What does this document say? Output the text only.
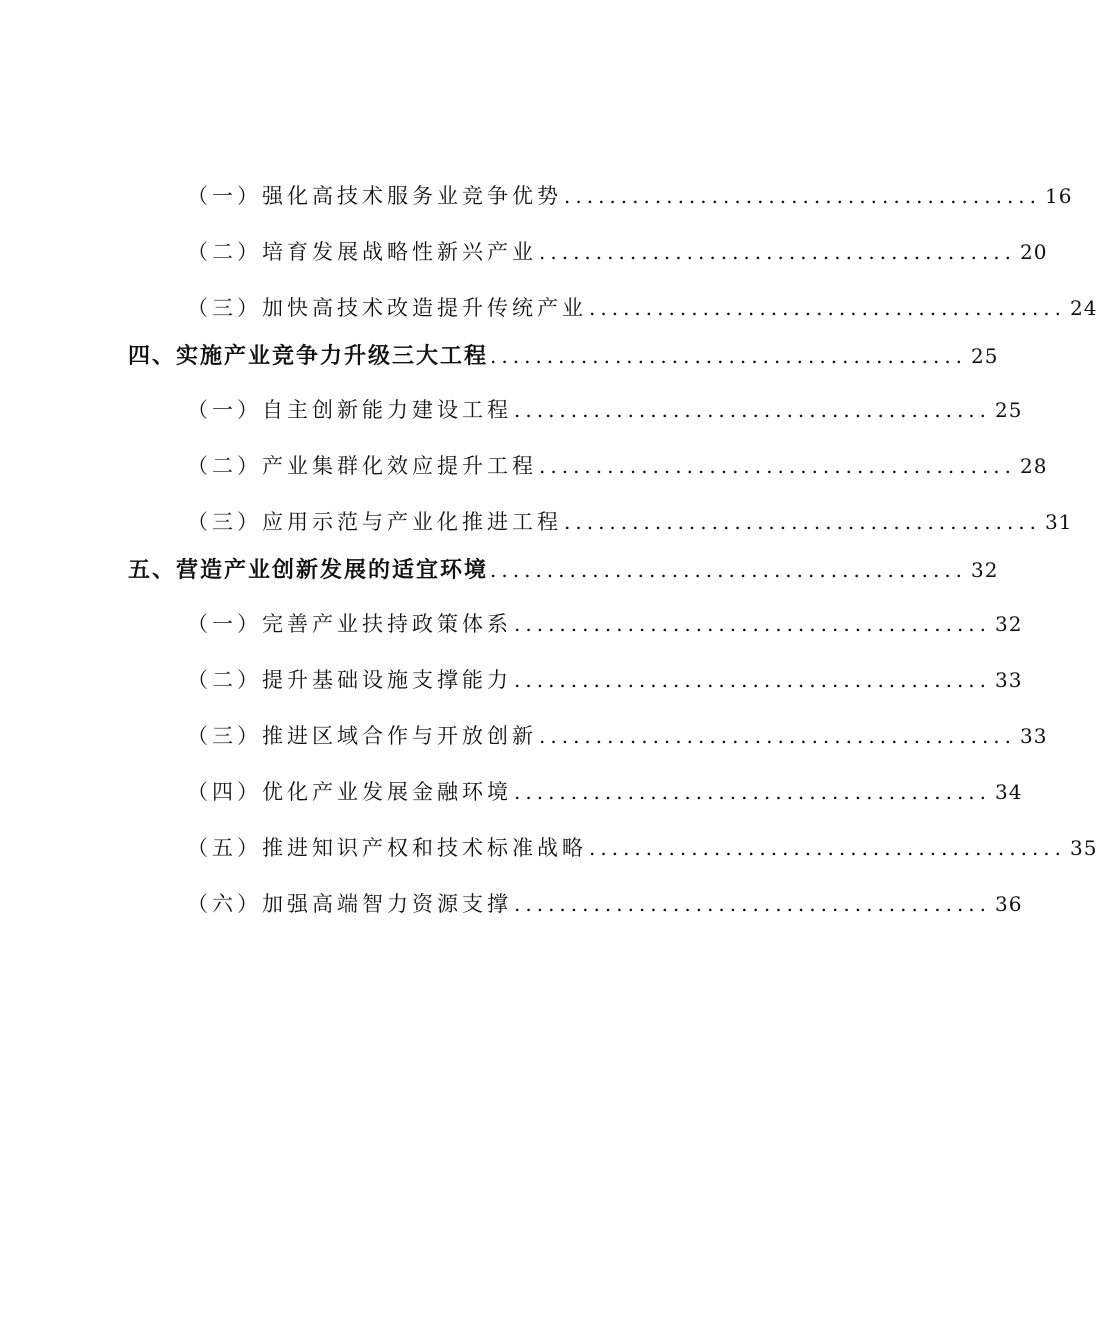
（一）强化高技术服务业竞争优势 .......................................... 16
（二）培育发展战略性新兴产业 .......................................... 20
（三）加快高技术改造提升传统产业 .......................................... 24
四、实施产业竞争力升级三大工程 .......................................... 25
（一）自主创新能力建设工程 .......................................... 25
（二）产业集群化效应提升工程 .......................................... 28
（三）应用示范与产业化推进工程 .......................................... 31
五、营造产业创新发展的适宜环境 .......................................... 32
（一）完善产业扶持政策体系 .......................................... 32
（二）提升基础设施支撑能力 .......................................... 33
（三）推进区域合作与开放创新 .......................................... 33
（四）优化产业发展金融环境 .......................................... 34
（五）推进知识产权和技术标准战略 .......................................... 35
（六）加强高端智力资源支撑 .......................................... 36
